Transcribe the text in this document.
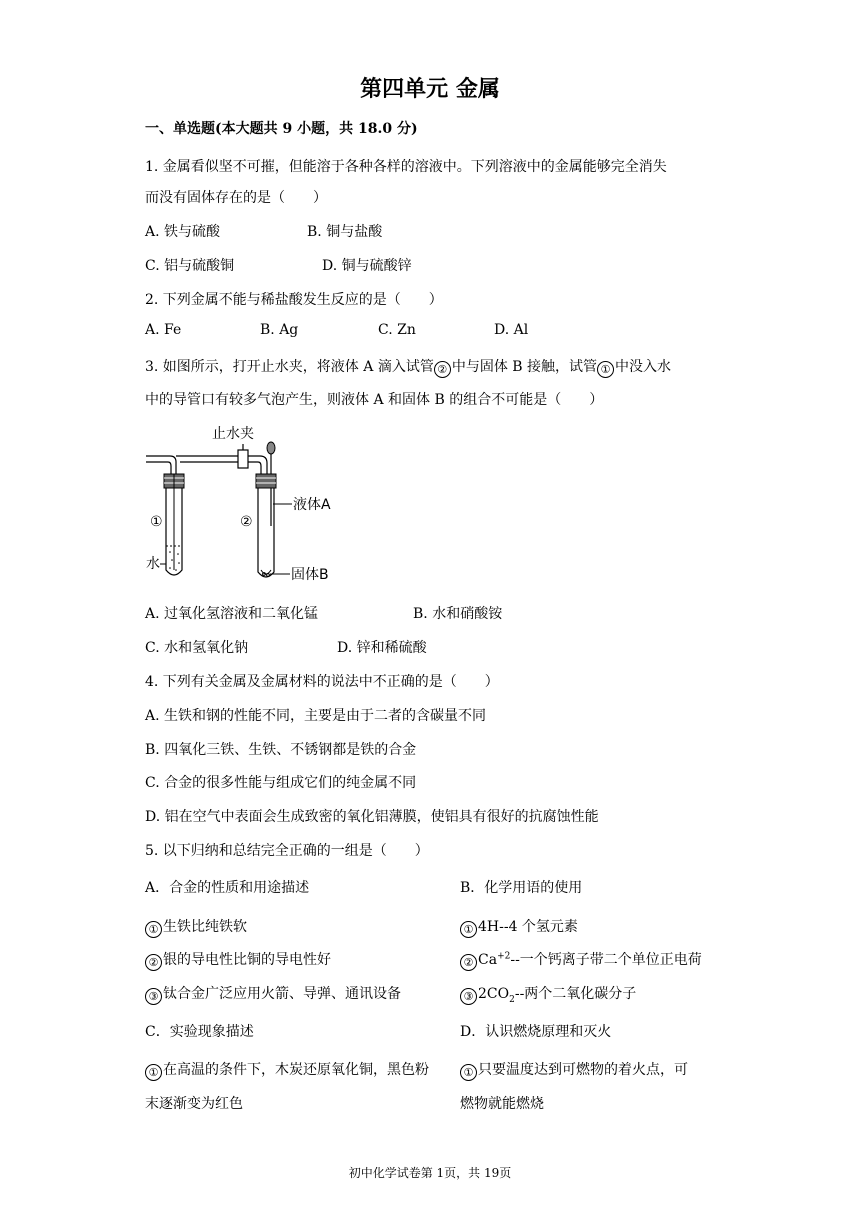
第四单元 金属
一、单选题(本大题共 9 小题，共 18.0 分)
1. 金属看似坚不可摧，但能溶于各种各样的溶液中。下列溶液中的金属能够完全消失
而没有固体存在的是（　　）
A. 铁与硫酸	B. 铜与盐酸
C. 铝与硫酸铜	D. 铜与硫酸锌
2. 下列金属不能与稀盐酸发生反应的是（　　）
A. Fe	B. Ag	C. Zn	D. Al
3. 如图所示，打开止水夹，将液体 A 滴入试管 ② 中与固体 B 接触，试管 ① 中没入水
中的导管口有较多气泡产生，则液体 A 和固体 B 的组合不可能是（　　）
止水夹
①	②
水
液体A
固体B
A. 过氧化氢溶液和二氧化锰	B. 水和硝酸铵
C. 水和氢氧化钠	D. 锌和稀硫酸
4. 下列有关金属及金属材料的说法中不正确的是（　　）
A. 生铁和钢的性能不同，主要是由于二者的含碳量不同
B. 四氧化三铁、生铁、不锈钢都是铁的合金
C. 合金的很多性能与组成它们的纯金属不同
D. 铝在空气中表面会生成致密的氧化铝薄膜，使铝具有很好的抗腐蚀性能
5. 以下归纳和总结完全正确的一组是（　　）
A．合金的性质和用途描述	B．化学用语的使用
① 生铁比纯铁软	① 4H--4 个氢元素
② 银的导电性比铜的导电性好	② $Ca^{+2}--$一个钙离子带二个单位正电荷
③ 钛合金广泛应用火箭、导弹、通讯设备	③ $2CO_2--$两个二氧化碳分子
C．实验现象描述	D．认识燃烧原理和灭火
① 在高温的条件下，木炭还原氧化铜，黑色粉	① 只要温度达到可燃物的着火点，可
末逐渐变为红色	燃物就能燃烧
初中化学试卷第 1页，共 19页
